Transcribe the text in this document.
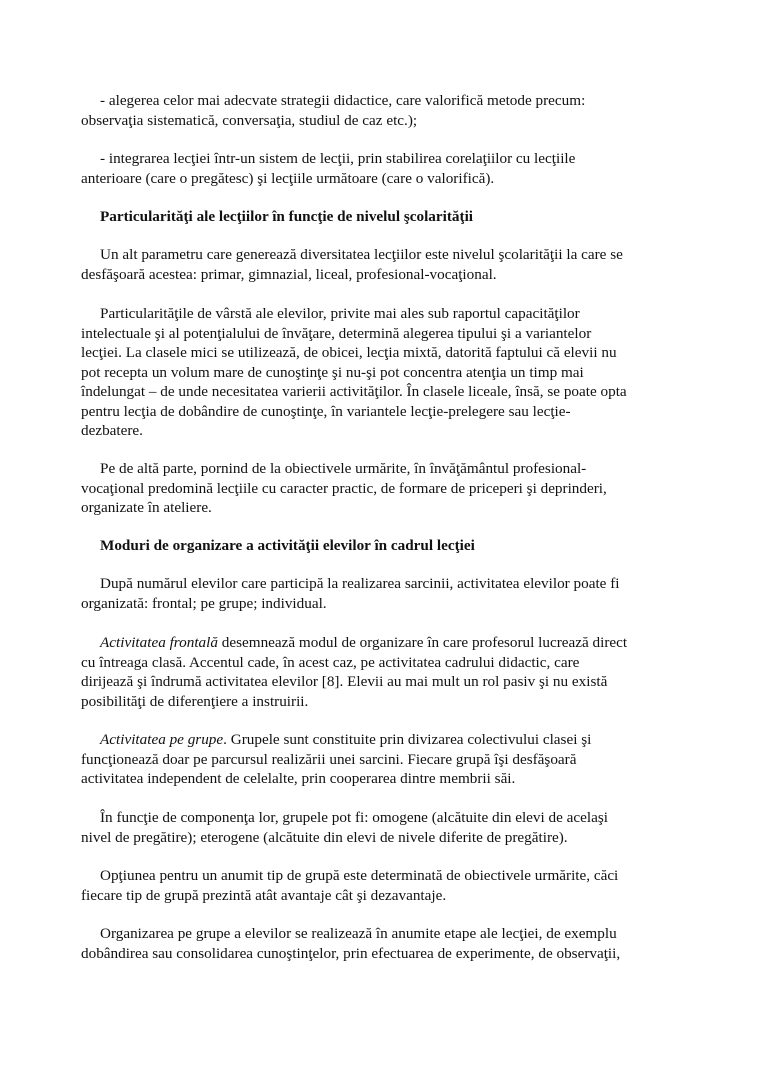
- alegerea celor mai adecvate strategii didactice, care valorifică metode precum:
observaţia sistematică, conversaţia, studiul de caz etc.);

- integrarea lecţiei într-un sistem de lecţii, prin stabilirea corelaţiilor cu lecţiile
anterioare (care o pregătesc) şi lecţiile următoare (care o valorifică).

Particularităţi ale lecţiilor în funcţie de nivelul şcolarităţii

Un alt parametru care generează diversitatea lecţiilor este nivelul şcolarităţii la care se
desfăşoară acestea: primar, gimnazial, liceal, profesional-vocaţional.

Particularităţile de vârstă ale elevilor, privite mai ales sub raportul capacităţilor
intelectuale şi al potenţialului de învăţare, determină alegerea tipului şi a variantelor
lecţiei. La clasele mici se utilizează, de obicei, lecţia mixtă, datorită faptului că elevii nu
pot recepta un volum mare de cunoştinţe şi nu-şi pot concentra atenţia un timp mai
îndelungat – de unde necesitatea varierii activităţilor. În clasele liceale, însă, se poate opta
pentru lecţia de dobândire de cunoştinţe, în variantele lecţie-prelegere sau lecţie-
dezbatere.

Pe de altă parte, pornind de la obiectivele urmărite, în învăţământul profesional-
vocaţional predomină lecţiile cu caracter practic, de formare de priceperi şi deprinderi,
organizate în ateliere.

Moduri de organizare a activităţii elevilor în cadrul lecţiei

După numărul elevilor care participă la realizarea sarcinii, activitatea elevilor poate fi
organizată: frontal; pe grupe; individual.

Activitatea frontală desemnează modul de organizare în care profesorul lucrează direct
cu întreaga clasă. Accentul cade, în acest caz, pe activitatea cadrului didactic, care
dirijează şi îndrumă activitatea elevilor [8]. Elevii au mai mult un rol pasiv şi nu există
posibilităţi de diferenţiere a instruirii.

Activitatea pe grupe. Grupele sunt constituite prin divizarea colectivului clasei şi
funcţionează doar pe parcursul realizării unei sarcini. Fiecare grupă îşi desfăşoară
activitatea independent de celelalte, prin cooperarea dintre membrii săi.

În funcţie de componenţa lor, grupele pot fi: omogene (alcătuite din elevi de acelaşi
nivel de pregătire); eterogene (alcătuite din elevi de nivele diferite de pregătire).

Opţiunea pentru un anumit tip de grupă este determinată de obiectivele urmărite, căci
fiecare tip de grupă prezintă atât avantaje cât şi dezavantaje.

Organizarea pe grupe a elevilor se realizează în anumite etape ale lecţiei, de exemplu
dobândirea sau consolidarea cunoştinţelor, prin efectuarea de experimente, de observaţii,
